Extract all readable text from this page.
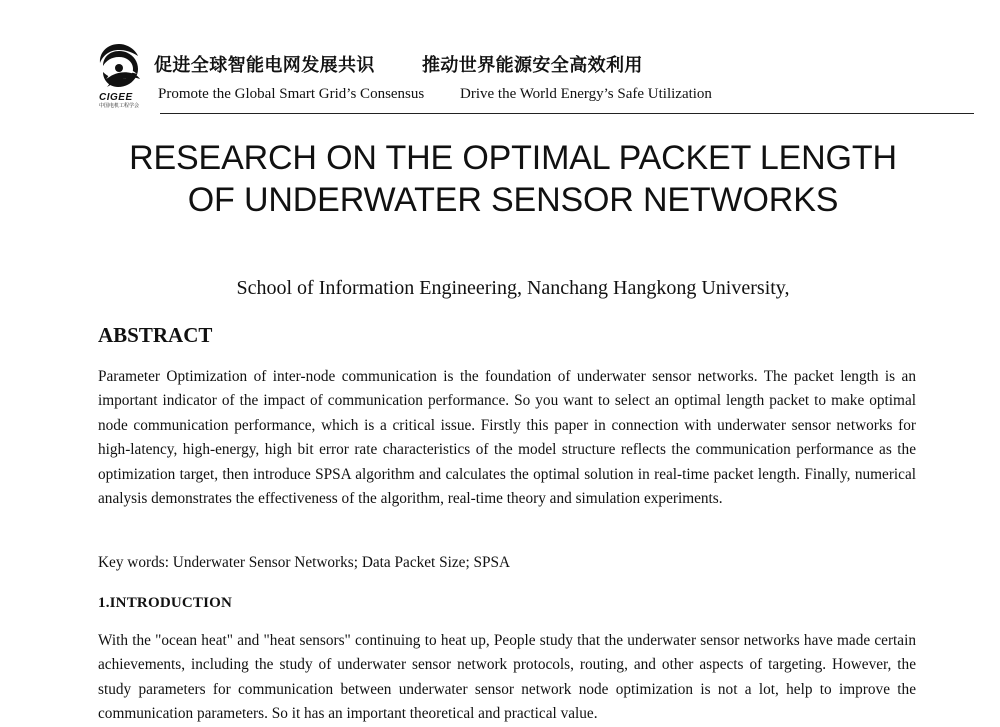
CIGEE
中国电机工程学会
促进全球智能电网发展共识	推动世界能源安全高效利用
Promote the Global Smart Grid’s Consensus Drive the World Energy’s Safe Utilization
RESEARCH ON THE OPTIMAL PACKET LENGTH
OF UNDERWATER SENSOR NETWORKS
School of Information Engineering, Nanchang Hangkong University,
ABSTRACT

Parameter Optimization of inter-node communication is the foundation of underwater sensor networks. The packet length is an important indicator of the impact of communication performance. So you want to select an optimal length packet to make optimal node communication performance, which is a critical issue. Firstly this paper in connection with underwater sensor networks for high-latency, high-energy, high bit error rate characteristics of the model structure reflects the communication performance as the optimization target, then introduce SPSA algorithm and calculates the optimal solution in real-time packet length. Finally, numerical analysis demonstrates the effectiveness of the algorithm, real-time theory and simulation experiments.

Key words: Underwater Sensor Networks; Data Packet Size; SPSA

1.INTRODUCTION

With the "ocean heat" and "heat sensors" continuing to heat up, People study that the underwater sensor networks have made certain achievements, including the study of underwater sensor network protocols, routing, and other aspects of targeting. However, the study parameters for communication between underwater sensor network node optimization is not a lot, help to improve the communication parameters. So it has an important theoretical and practical value.
